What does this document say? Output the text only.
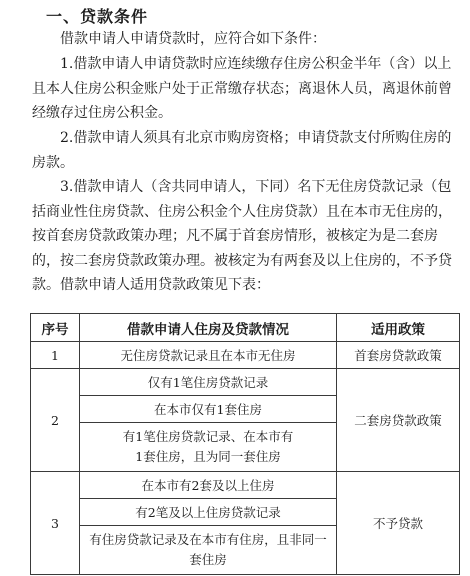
一、贷款条件
借款申请人申请贷款时，应符合如下条件：
1.借款申请人申请贷款时应连续缴存住房公积金半年（含）以上且本人住房公积金账户处于正常缴存状态；离退休人员，离退休前曾经缴存过住房公积金。
2.借款申请人须具有北京市购房资格；申请贷款支付所购住房的房款。
3.借款申请人（含共同申请人，下同）名下无住房贷款记录（包括商业性住房贷款、住房公积金个人住房贷款）且在本市无住房的，按首套房贷款政策办理；凡不属于首套房情形，被核定为是二套房的，按二套房贷款政策办理。被核定为有两套及以上住房的，不予贷款。借款申请人适用贷款政策见下表：
序号	借款申请人住房及贷款情况	适用政策
1	无住房贷款记录且在本市无住房	首套房贷款政策
2	仅有1笔住房贷款记录	二套房贷款政策
	在本市仅有1套住房	
	有1笔住房贷款记录、在本市有1套住房，且为同一套住房	
3	在本市有2套及以上住房	不予贷款
	有2笔及以上住房贷款记录	
	有住房贷款记录及在本市有住房，且非同一套住房	
